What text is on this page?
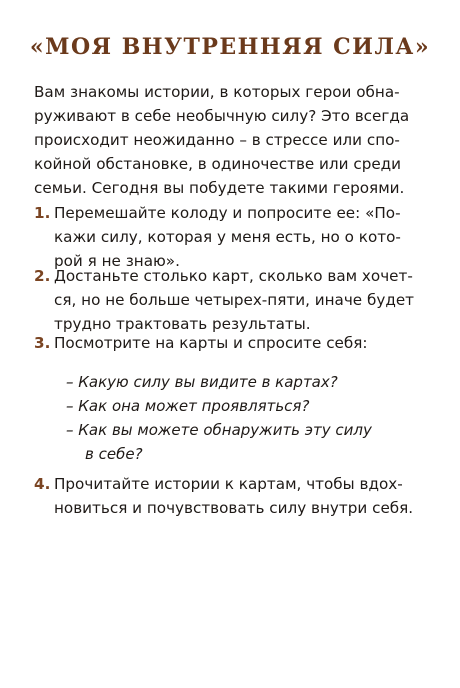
«МОЯ ВНУТРЕННЯЯ СИЛА»
Вам знакомы истории, в которых герои обна-
руживают в себе необычную силу? Это всегда
происходит неожиданно – в стрессе или спо-
койной обстановке, в одиночестве или среди
семьи. Сегодня вы побудете такими героями.
1. Перемешайте колоду и попросите ее: «По-
кажи силу, которая у меня есть, но о кото-
рой я не знаю».
2. Достаньте столько карт, сколько вам хочет-
ся, но не больше четырех-пяти, иначе будет
трудно трактовать результаты.
3. Посмотрите на карты и спросите себя:
4. Прочитайте истории к картам, чтобы вдох-
новиться и почувствовать силу внутри себя.
– Какую силу вы видите в картах?
– Как она может проявляться?
– Как вы можете обнаружить эту силу
в себе?
